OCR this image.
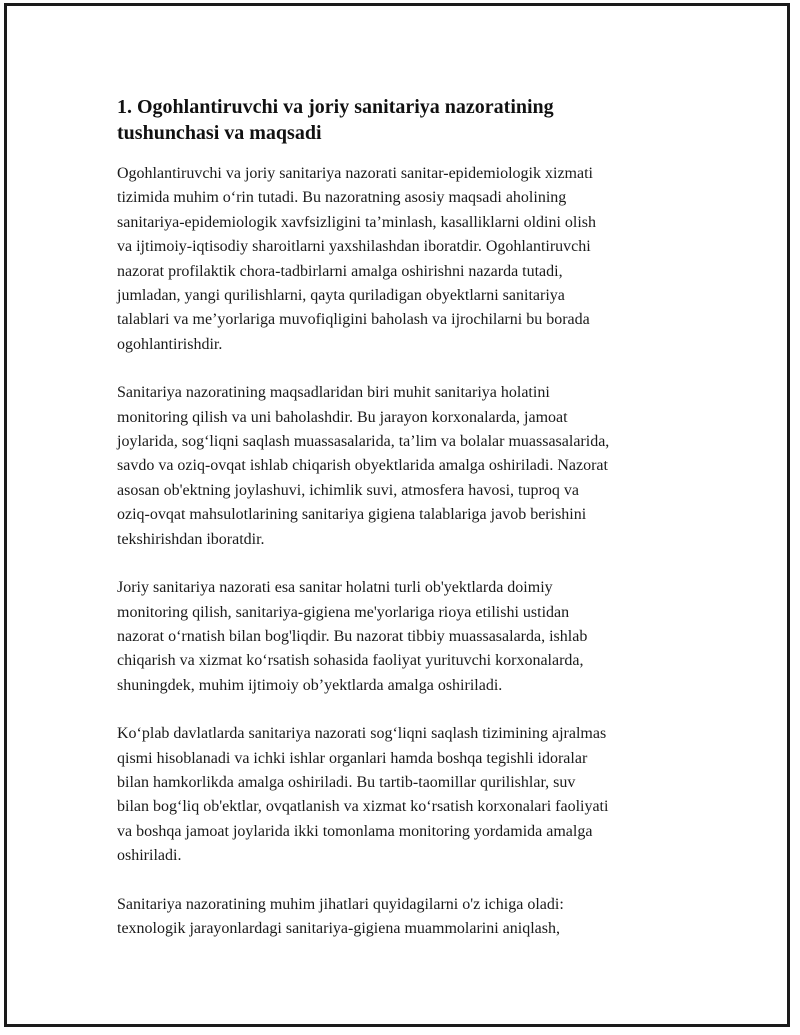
1. Ogohlantiruvchi va joriy sanitariya nazoratining
tushunchasi va maqsadi

Ogohlantiruvchi va joriy sanitariya nazorati sanitar-epidemiologik xizmati
tizimida muhim o‘rin tutadi. Bu nazoratning asosiy maqsadi aholining
sanitariya-epidemiologik xavfsizligini ta’minlash, kasalliklarni oldini olish
va ijtimoiy-iqtisodiy sharoitlarni yaxshilashdan iboratdir. Ogohlantiruvchi
nazorat profilaktik chora-tadbirlarni amalga oshirishni nazarda tutadi,
jumladan, yangi qurilishlarni, qayta quriladigan obyektlarni sanitariya
talablari va me’yorlariga muvofiqligini baholash va ijrochilarni bu borada
ogohlantirishdir.

Sanitariya nazoratining maqsadlaridan biri muhit sanitariya holatini
monitoring qilish va uni baholashdir. Bu jarayon korxonalarda, jamoat
joylarida, sog‘liqni saqlash muassasalarida, ta’lim va bolalar muassasalarida,
savdo va oziq-ovqat ishlab chiqarish obyektlarida amalga oshiriladi. Nazorat
asosan ob'ektning joylashuvi, ichimlik suvi, atmosfera havosi, tuproq va
oziq-ovqat mahsulotlarining sanitariya gigiena talablariga javob berishini
tekshirishdan iboratdir.

Joriy sanitariya nazorati esa sanitar holatni turli ob'yektlarda doimiy
monitoring qilish, sanitariya-gigiena me'yorlariga rioya etilishi ustidan
nazorat o‘rnatish bilan bog'liqdir. Bu nazorat tibbiy muassasalarda, ishlab
chiqarish va xizmat ko‘rsatish sohasida faoliyat yurituvchi korxonalarda,
shuningdek, muhim ijtimoiy ob’yektlarda amalga oshiriladi.

Ko‘plab davlatlarda sanitariya nazorati sog‘liqni saqlash tizimining ajralmas
qismi hisoblanadi va ichki ishlar organlari hamda boshqa tegishli idoralar
bilan hamkorlikda amalga oshiriladi. Bu tartib-taomillar qurilishlar, suv
bilan bog‘liq ob'ektlar, ovqatlanish va xizmat ko‘rsatish korxonalari faoliyati
va boshqa jamoat joylarida ikki tomonlama monitoring yordamida amalga
oshiriladi.

Sanitariya nazoratining muhim jihatlari quyidagilarni o'z ichiga oladi:
texnologik jarayonlardagi sanitariya-gigiena muammolarini aniqlash,
